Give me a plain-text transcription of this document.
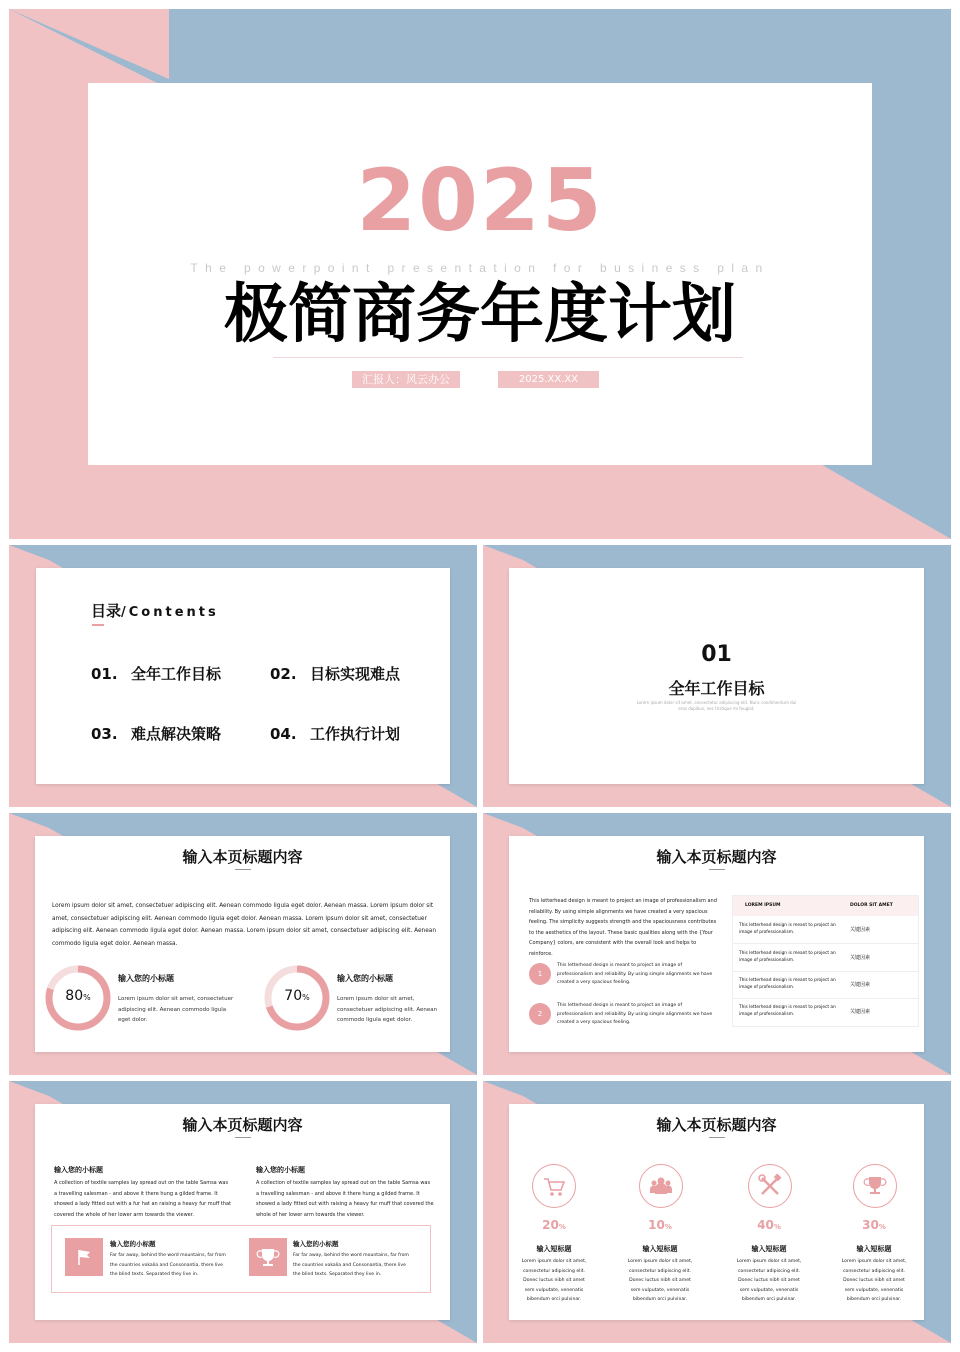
2025
The powerpoint presentation for business plan
极简商务年度计划
汇报人：风云办公	2025.XX.XX
目录/Contents
01. 全年工作目标	02. 目标实现难点
03. 难点解决策略	04. 工作执行计划
01
全年工作目标
Lorem ipsum dolor sit amet, consectetur adipiscing elit. Nunc condimentum dui eros dapibus, nec tristique mi feugiat.
输入本页标题内容
Lorem ipsum dolor sit amet, consectetuer adipiscing elit. Aenean commodo ligula eget dolor. Aenean massa. Lorem ipsum dolor sit amet, consectetuer adipiscing elit. Aenean commodo ligula eget dolor. Aenean massa. Lorem ipsum dolor sit amet, consectetuer adipiscing elit. Aenean commodo ligula eget dolor. Aenean massa. Lorem ipsum dolor sit amet, consectetuer adipiscing elit. Aenean commodo ligula eget dolor. Aenean massa.
80%
输入您的小标题
Lorem ipsum dolor sit amet, consectetuer adipiscing elit. Aenean commodo ligula eget dolor.
70%
输入您的小标题
Lorem ipsum dolor sit amet, consectetuer adipiscing elit. Aenean commodo ligula eget dolor.
输入本页标题内容
This letterhead design is meant to project an image of professionalism and reliability. By using simple alignments we have created a very spacious feeling. The simplicity suggests strength and the spaciousness contributes to the aesthetics of the layout. These basic qualities along with the {Your Company} colors, are consistent with the overall look and helps to reinforce.
1
This letterhead design is meant to project an image of professionalism and reliability. By using simple alignments we have created a very spacious feeling.
2
This letterhead design is meant to project an image of professionalism and reliability. By using simple alignments we have created a very spacious feeling.
LOREM IPSUM	DOLOR SIT AMET
This letterhead design is meant to project an image of professionalism.	关键因素
This letterhead design is meant to project an image of professionalism.	关键因素
This letterhead design is meant to project an image of professionalism.	关键因素
This letterhead design is meant to project an image of professionalism.	关键因素
输入本页标题内容
输入您的小标题
A collection of textile samples lay spread out on the table Samsa was a travelling salesman - and above it there hung a gilded frame. It showed a lady fitted out with a fur hat an raising a heavy fur muff that covered the whole of her lower arm towards the viewer.
输入您的小标题
A collection of textile samples lay spread out on the table Samsa was a travelling salesman - and above it there hung a gilded frame. It showed a lady fitted out with raising a heavy fur muff that covered the whole of her lower arm towards the viewer.
输入您的小标题
Far far away, behind the word mountains, far from the countries vokalia and Consonantia, there live the blind texts. Separated they live in.
输入您的小标题
Far far away, behind the word mountains, far from the countries vokalia and Consonantia, there live the blind texts. Separated they live in.
输入本页标题内容
20%
输入短标题
Lorem ipsum dolor sit amet, consectetur adipiscing elit. Donec luctus nibh sit amet sem vulputate, venenatis bibendum orci pulvinar.
10%
输入短标题
Lorem ipsum dolor sit amet, consectetur adipiscing elit. Donec luctus nibh sit amet sem vulputate, venenatis bibendum orci pulvinar.
40%
输入短标题
Lorem ipsum dolor sit amet, consectetur adipiscing elit. Donec luctus nibh sit amet sem vulputate, venenatis bibendum orci pulvinar.
30%
输入短标题
Lorem ipsum dolor sit amet, consectetur adipiscing elit. Donec luctus nibh sit amet sem vulputate, venenatis bibendum orci pulvinar.
